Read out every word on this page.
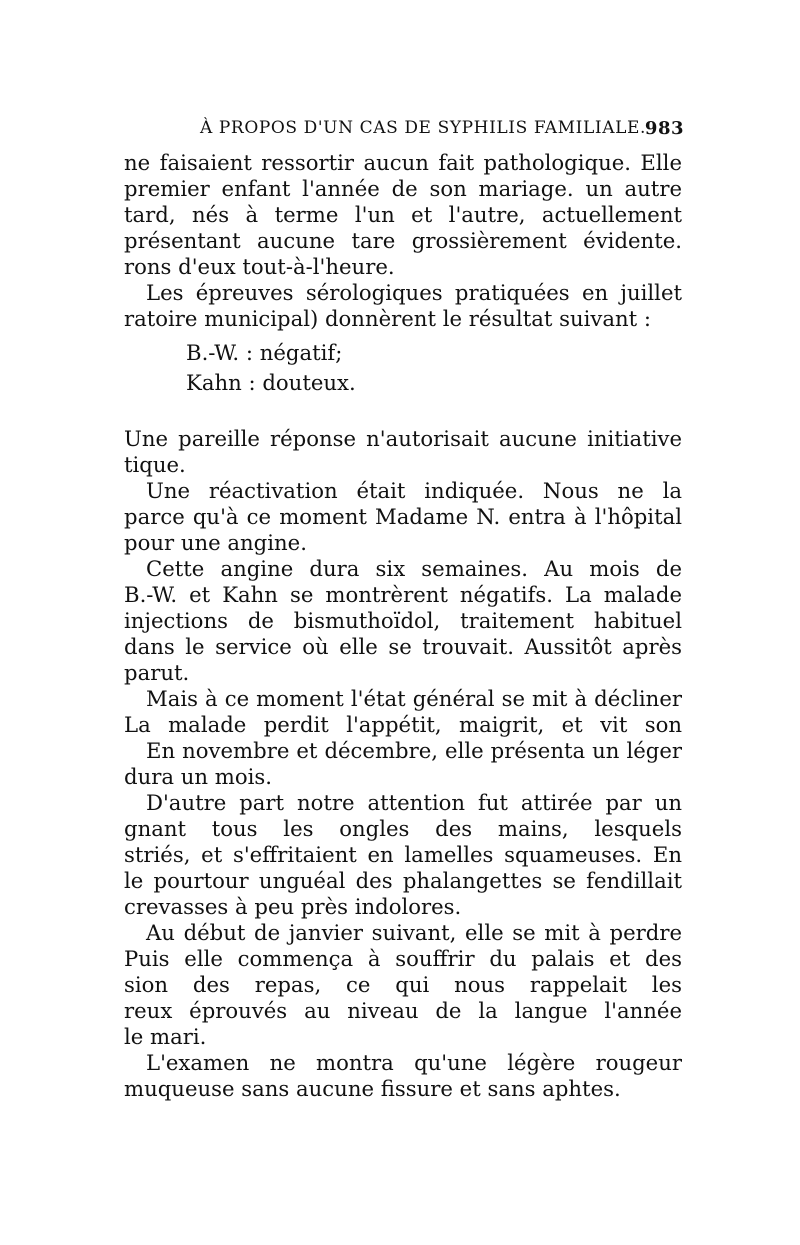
À PROPOS D'UN CAS DE SYPHILIS FAMILIALE.
983
ne faisaient ressortir aucun fait pathologique. Elle
premier enfant l'année de son mariage. un autre
tard, nés à terme l'un et l'autre, actuellement
présentant aucune tare grossièrement évidente.
rons d'eux tout-à-l'heure.
Les épreuves sérologiques pratiquées en juillet
ratoire municipal) donnèrent le résultat suivant :
B.-W. : négatif;
Kahn : douteux.
Une pareille réponse n'autorisait aucune initiative
tique.
Une réactivation était indiquée. Nous ne la
parce qu'à ce moment Madame N. entra à l'hôpital
pour une angine.
Cette angine dura six semaines. Au mois de
B.-W. et Kahn se montrèrent négatifs. La malade
injections de bismuthoïdol, traitement habituel
dans le service où elle se trouvait. Aussitôt après
parut.
Mais à ce moment l'état général se mit à décliner
La malade perdit l'appétit, maigrit, et vit son
En novembre et décembre, elle présenta un léger
dura un mois.
D'autre part notre attention fut attirée par un
gnant tous les ongles des mains, lesquels
striés, et s'effritaient en lamelles squameuses. En
le pourtour unguéal des phalangettes se fendillait
crevasses à peu près indolores.
Au début de janvier suivant, elle se mit à perdre
Puis elle commença à souffrir du palais et des
sion des repas, ce qui nous rappelait les
reux éprouvés au niveau de la langue l'année
le mari.
L'examen ne montra qu'une légère rougeur
muqueuse sans aucune fissure et sans aphtes.
